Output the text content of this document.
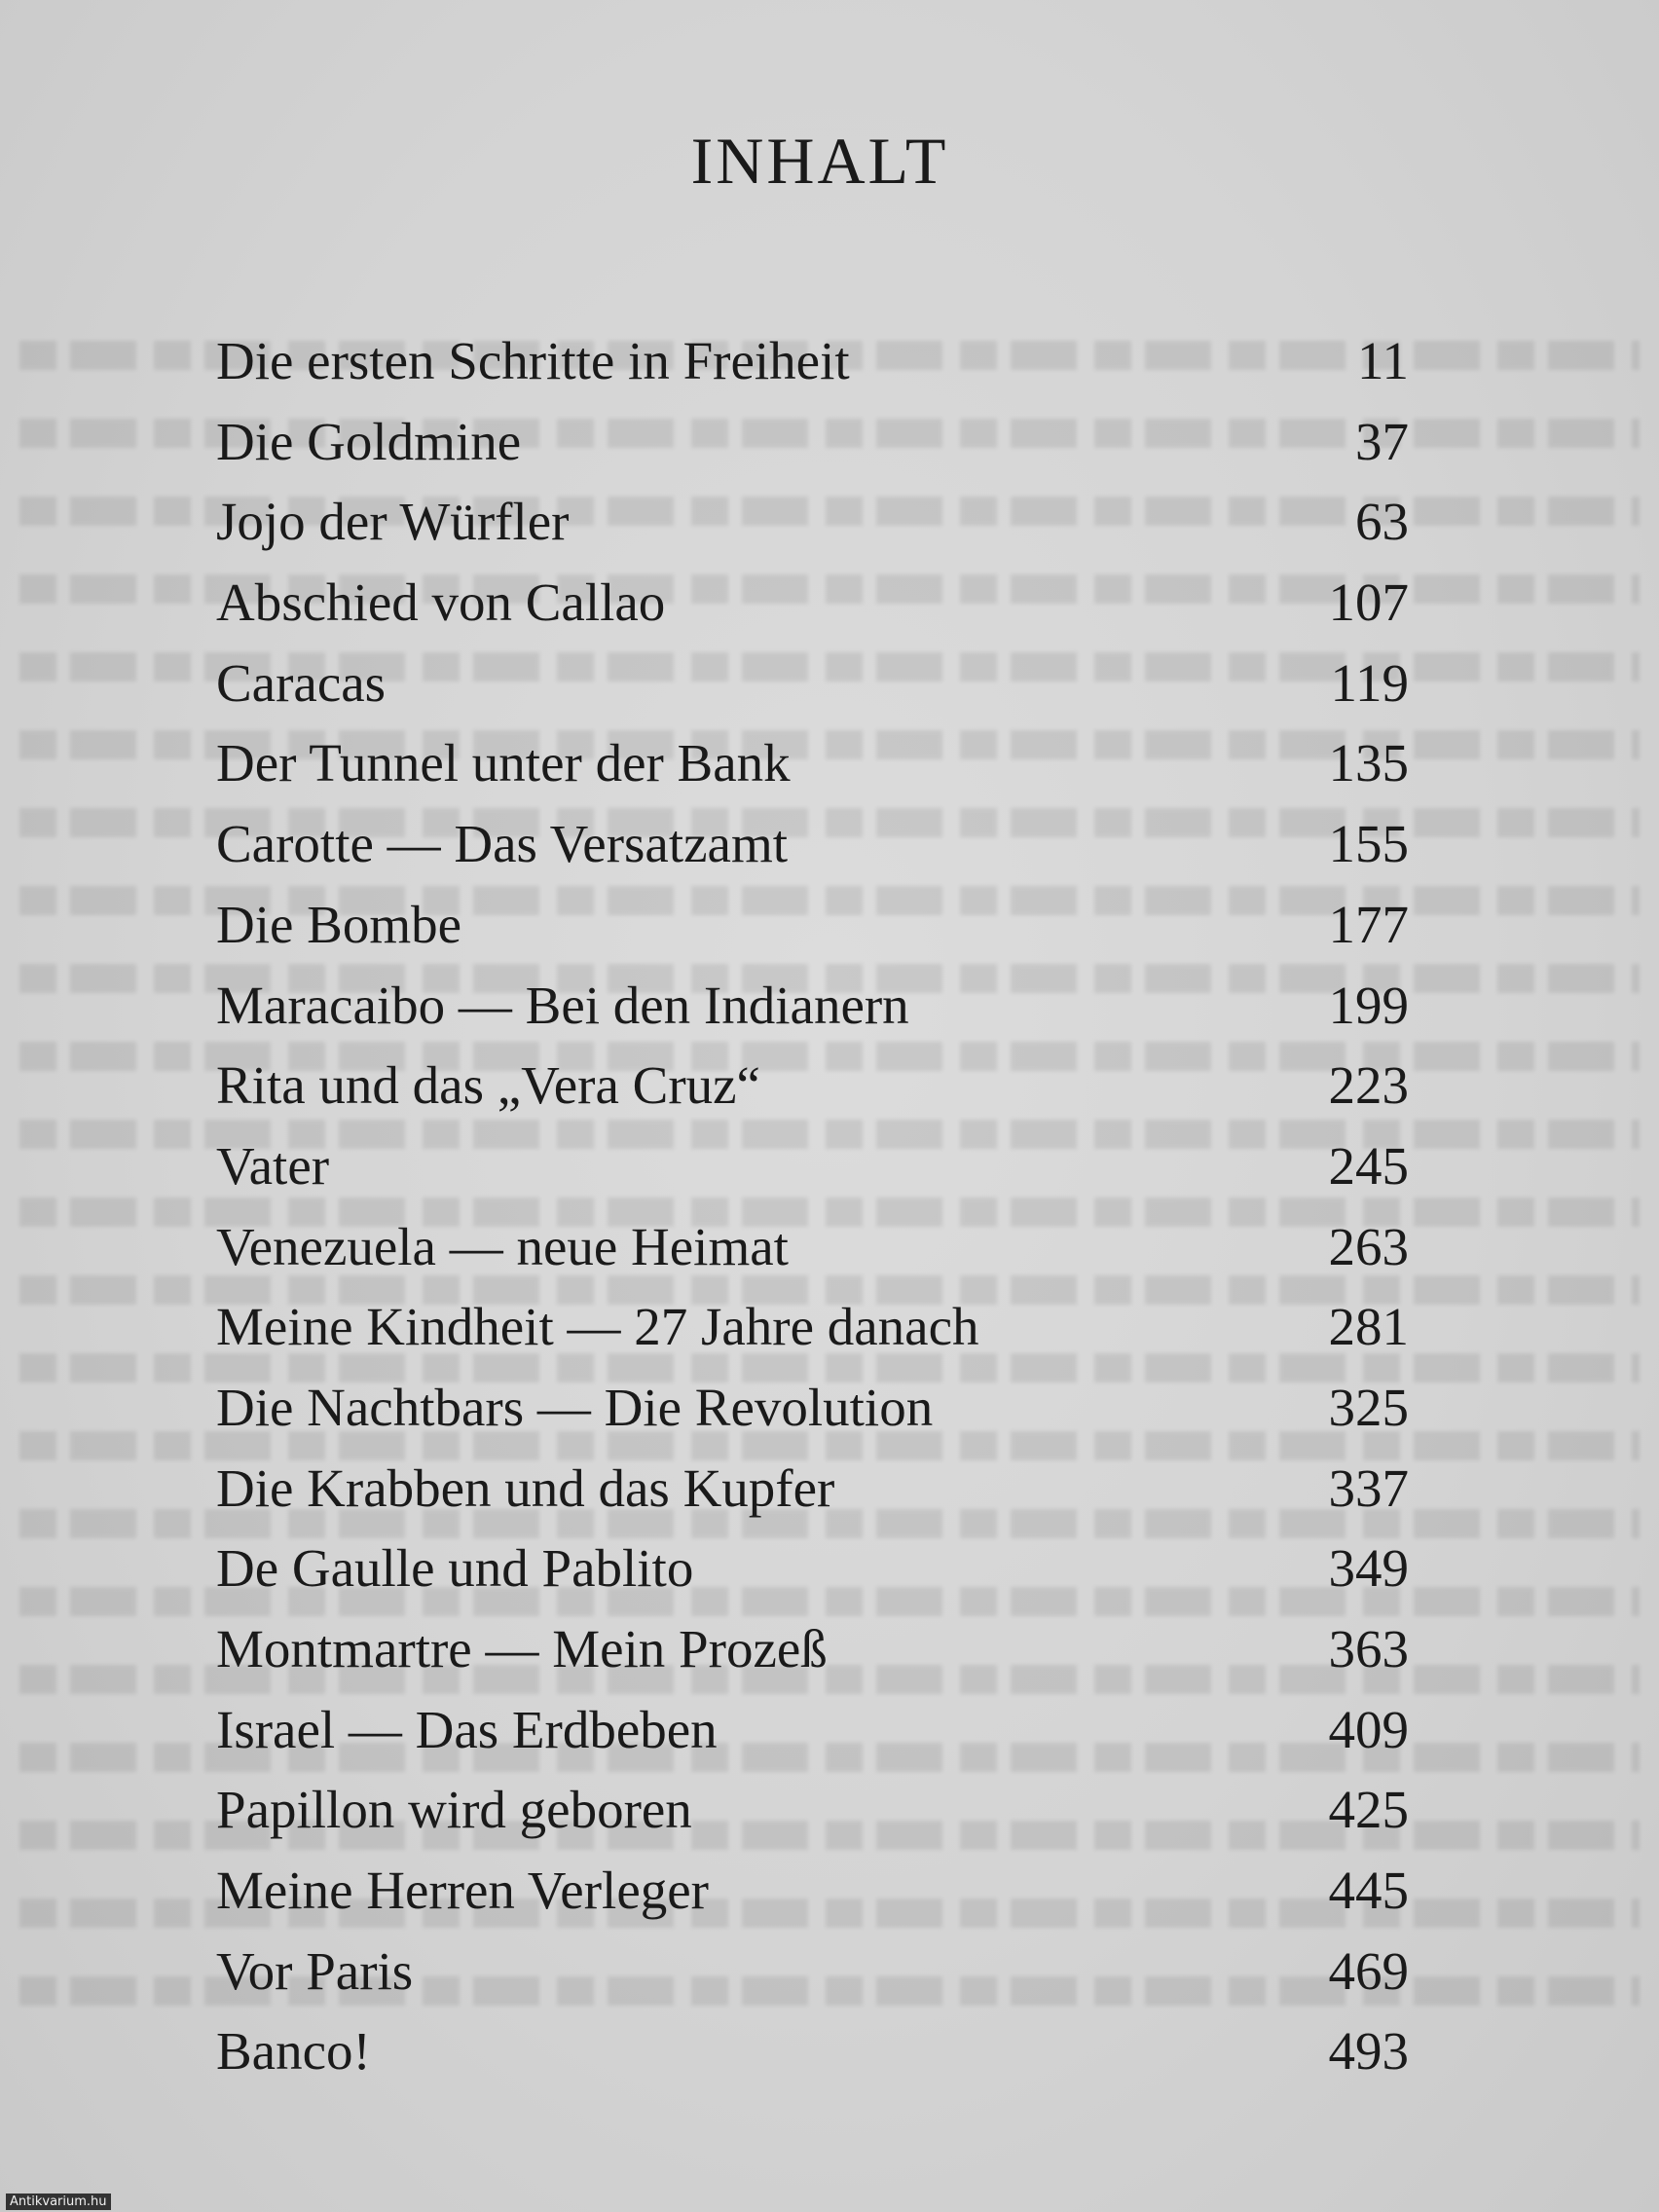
INHALT
Die ersten Schritte in Freiheit	11
Die Goldmine	37
Jojo der Würfler	63
Abschied von Callao	107
Caracas	119
Der Tunnel unter der Bank	135
Carotte — Das Versatzamt	155
Die Bombe	177
Maracaibo — Bei den Indianern	199
Rita und das „Vera Cruz“	223
Vater	245
Venezuela — neue Heimat	263
Meine Kindheit — 27 Jahre danach	281
Die Nachtbars — Die Revolution	325
Die Krabben und das Kupfer	337
De Gaulle und Pablito	349
Montmartre — Mein Prozeß	363
Israel — Das Erdbeben	409
Papillon wird geboren	425
Meine Herren Verleger	445
Vor Paris	469
Banco!	493
Antikvarium.hu
